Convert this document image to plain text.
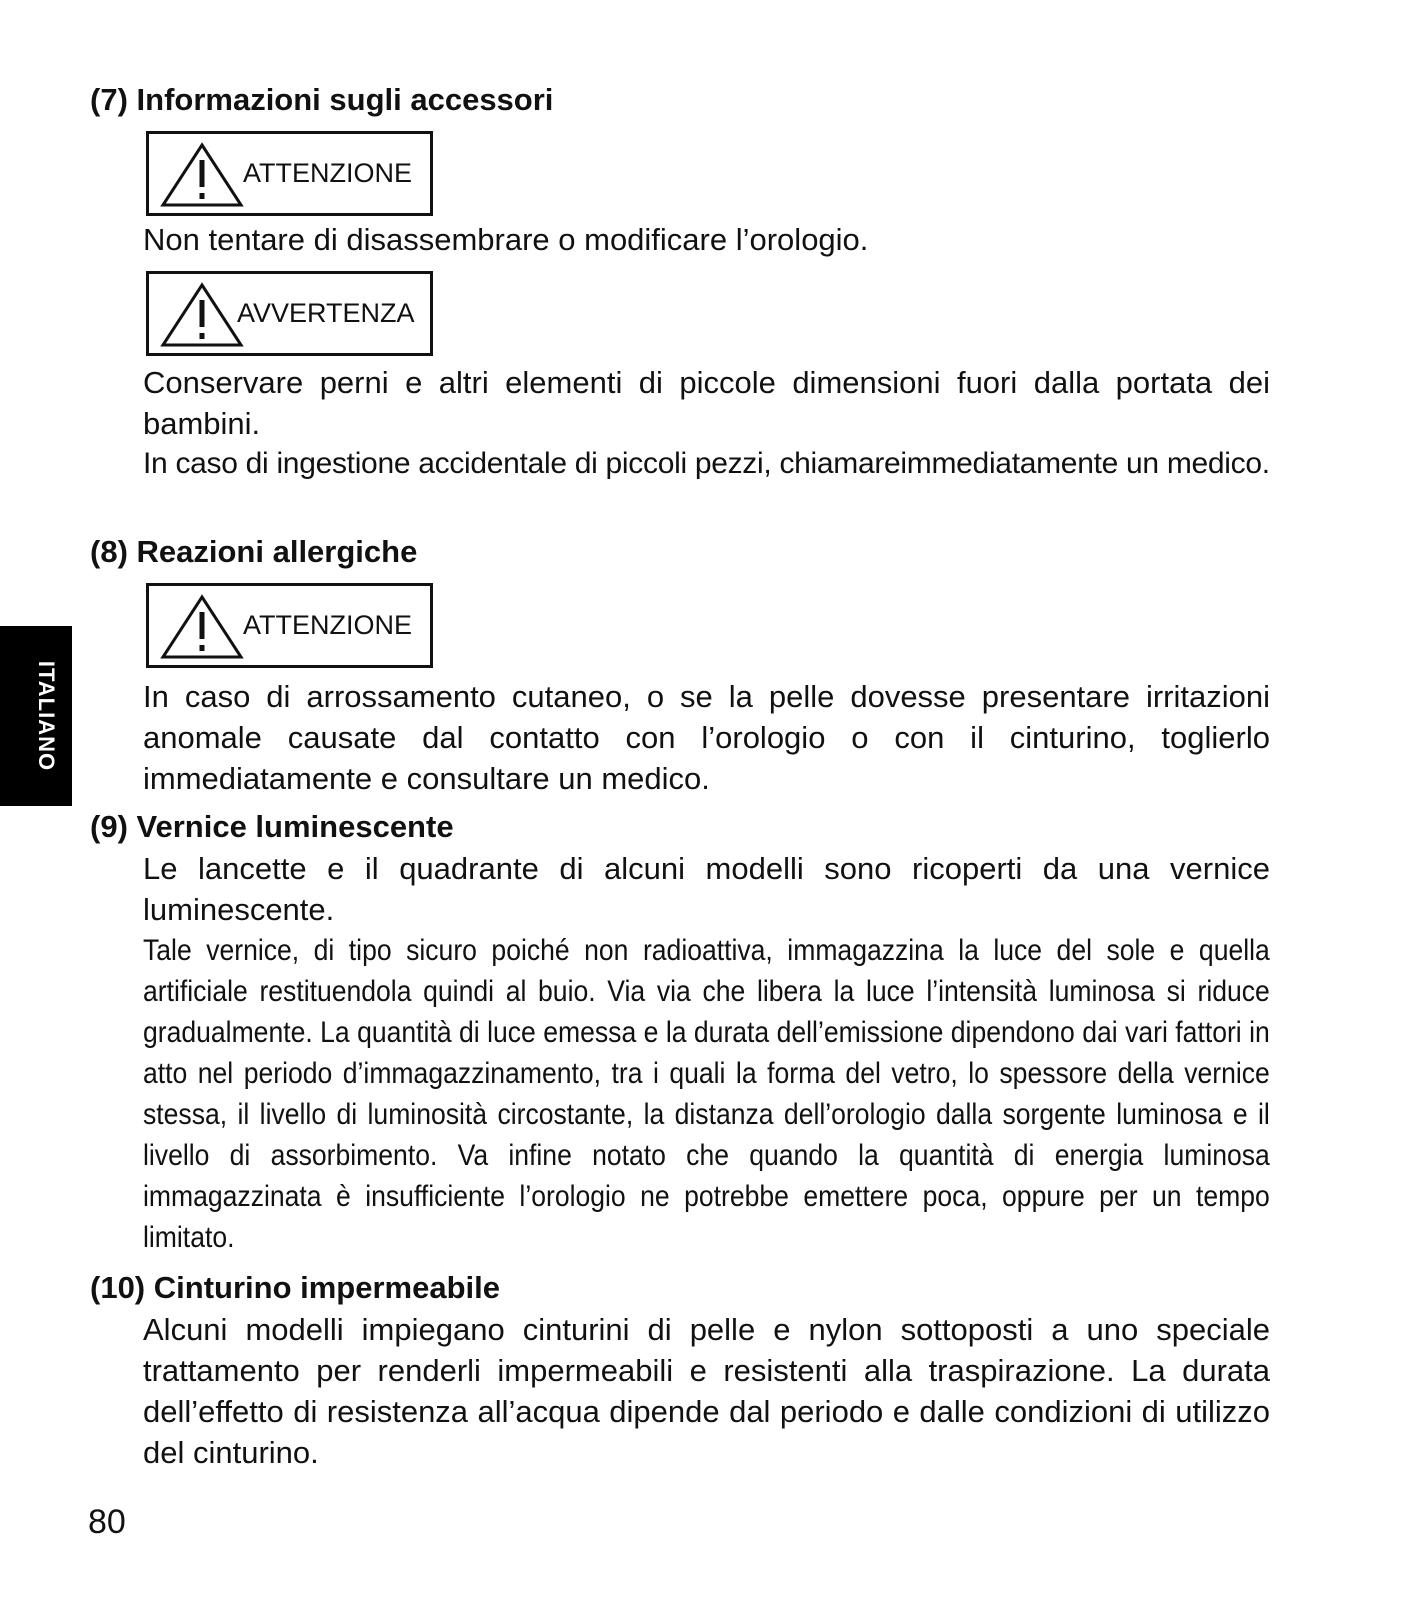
ITALIANO
(7) Informazioni sugli accessori
ATTENZIONE
Non tentare di disassembrare o modificare l’orologio.
AVVERTENZA
Conservare perni e altri elementi di piccole dimensioni fuori dalla portata dei bambini.
In caso di ingestione accidentale di piccoli pezzi, chiamareimmediatamente un medico.
(8) Reazioni allergiche
ATTENZIONE
In caso di arrossamento cutaneo, o se la pelle dovesse presentare irritazioni anomale causate dal contatto con l’orologio o con il cinturino, toglierlo immediatamente e consultare un medico.
(9) Vernice luminescente
Le lancette e il quadrante di alcuni modelli sono ricoperti da una vernice luminescente.
Tale vernice, di tipo sicuro poiché non radioattiva, immagazzina la luce del sole e quella artificiale restituendola quindi al buio. Via via che libera la luce l’intensità luminosa si riduce gradualmente. La quantità di luce emessa e la durata dell’emissione dipendono dai vari fattori in atto nel periodo d’immagazzinamento, tra i quali la forma del vetro, lo spessore della vernice stessa, il livello di luminosità circostante, la distanza dell’orologio dalla sorgente luminosa e il livello di assorbimento. Va infine notato che quando la quantità di energia luminosa immagazzinata è insufficiente l’orologio ne potrebbe emettere poca, oppure per un tempo limitato.
(10) Cinturino impermeabile
Alcuni modelli impiegano cinturini di pelle e nylon sottoposti a uno speciale trattamento per renderli impermeabili e resistenti alla traspirazione. La durata dell’effetto di resistenza all’acqua dipende dal periodo e dalle condizioni di utilizzo del cinturino.
80
